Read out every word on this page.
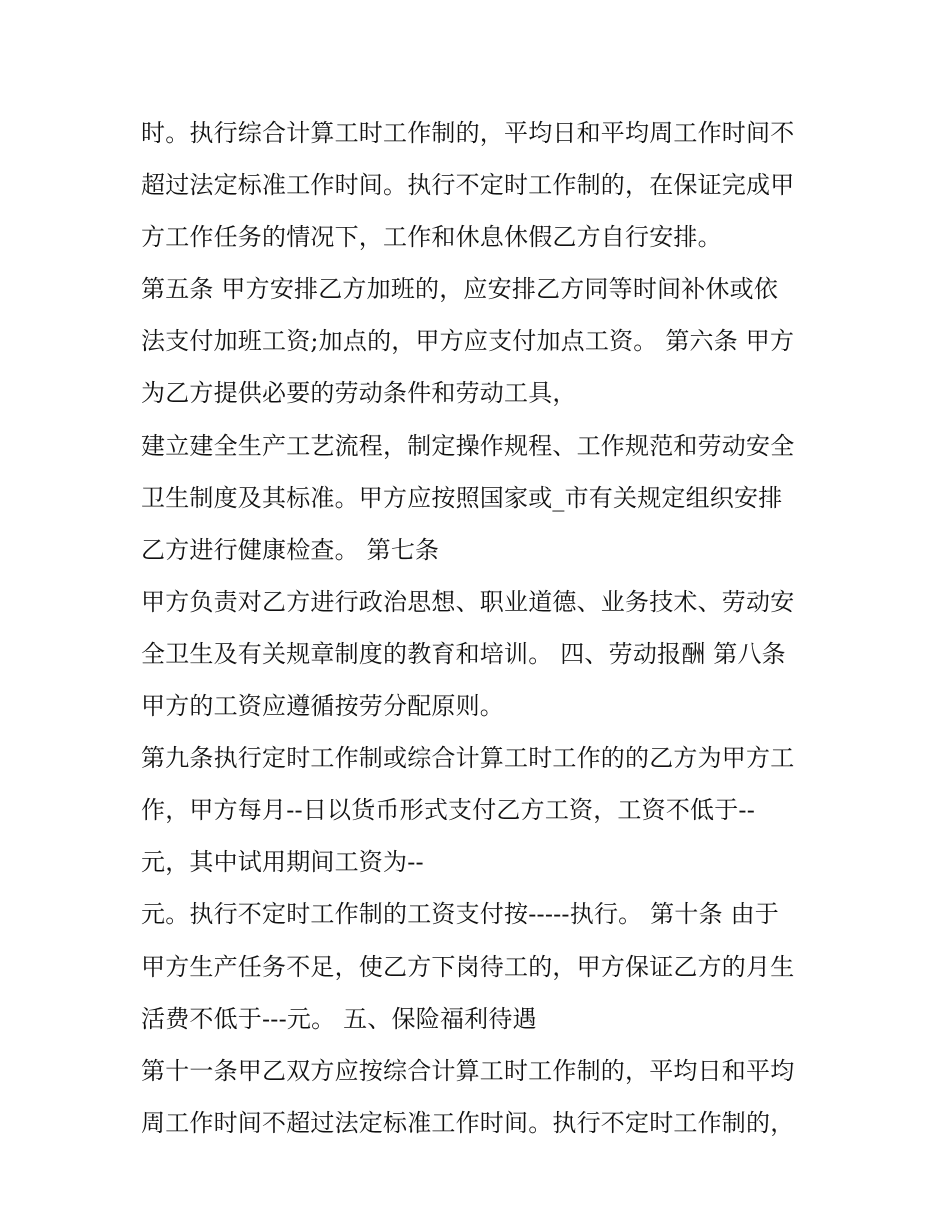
时。执行综合计算工时工作制的，平均日和平均周工作时间不
超过法定标准工作时间。执行不定时工作制的，在保证完成甲
方工作任务的情况下，工作和休息休假乙方自行安排。
第五条 甲方安排乙方加班的，应安排乙方同等时间补休或依
法支付加班工资;加点的，甲方应支付加点工资。 第六条 甲方
为乙方提供必要的劳动条件和劳动工具，
建立建全生产工艺流程，制定操作规程、工作规范和劳动安全
卫生制度及其标准。甲方应按照国家或_市有关规定组织安排
乙方进行健康检查。 第七条
甲方负责对乙方进行政治思想、职业道德、业务技术、劳动安
全卫生及有关规章制度的教育和培训。 四、劳动报酬 第八条
甲方的工资应遵循按劳分配原则。
第九条执行定时工作制或综合计算工时工作的的乙方为甲方工
作，甲方每月--日以货币形式支付乙方工资，工资不低于--
元，其中试用期间工资为--
元。执行不定时工作制的工资支付按-----执行。 第十条 由于
甲方生产任务不足，使乙方下岗待工的，甲方保证乙方的月生
活费不低于---元。 五、保险福利待遇
第十一条甲乙双方应按综合计算工时工作制的，平均日和平均
周工作时间不超过法定标准工作时间。执行不定时工作制的，
